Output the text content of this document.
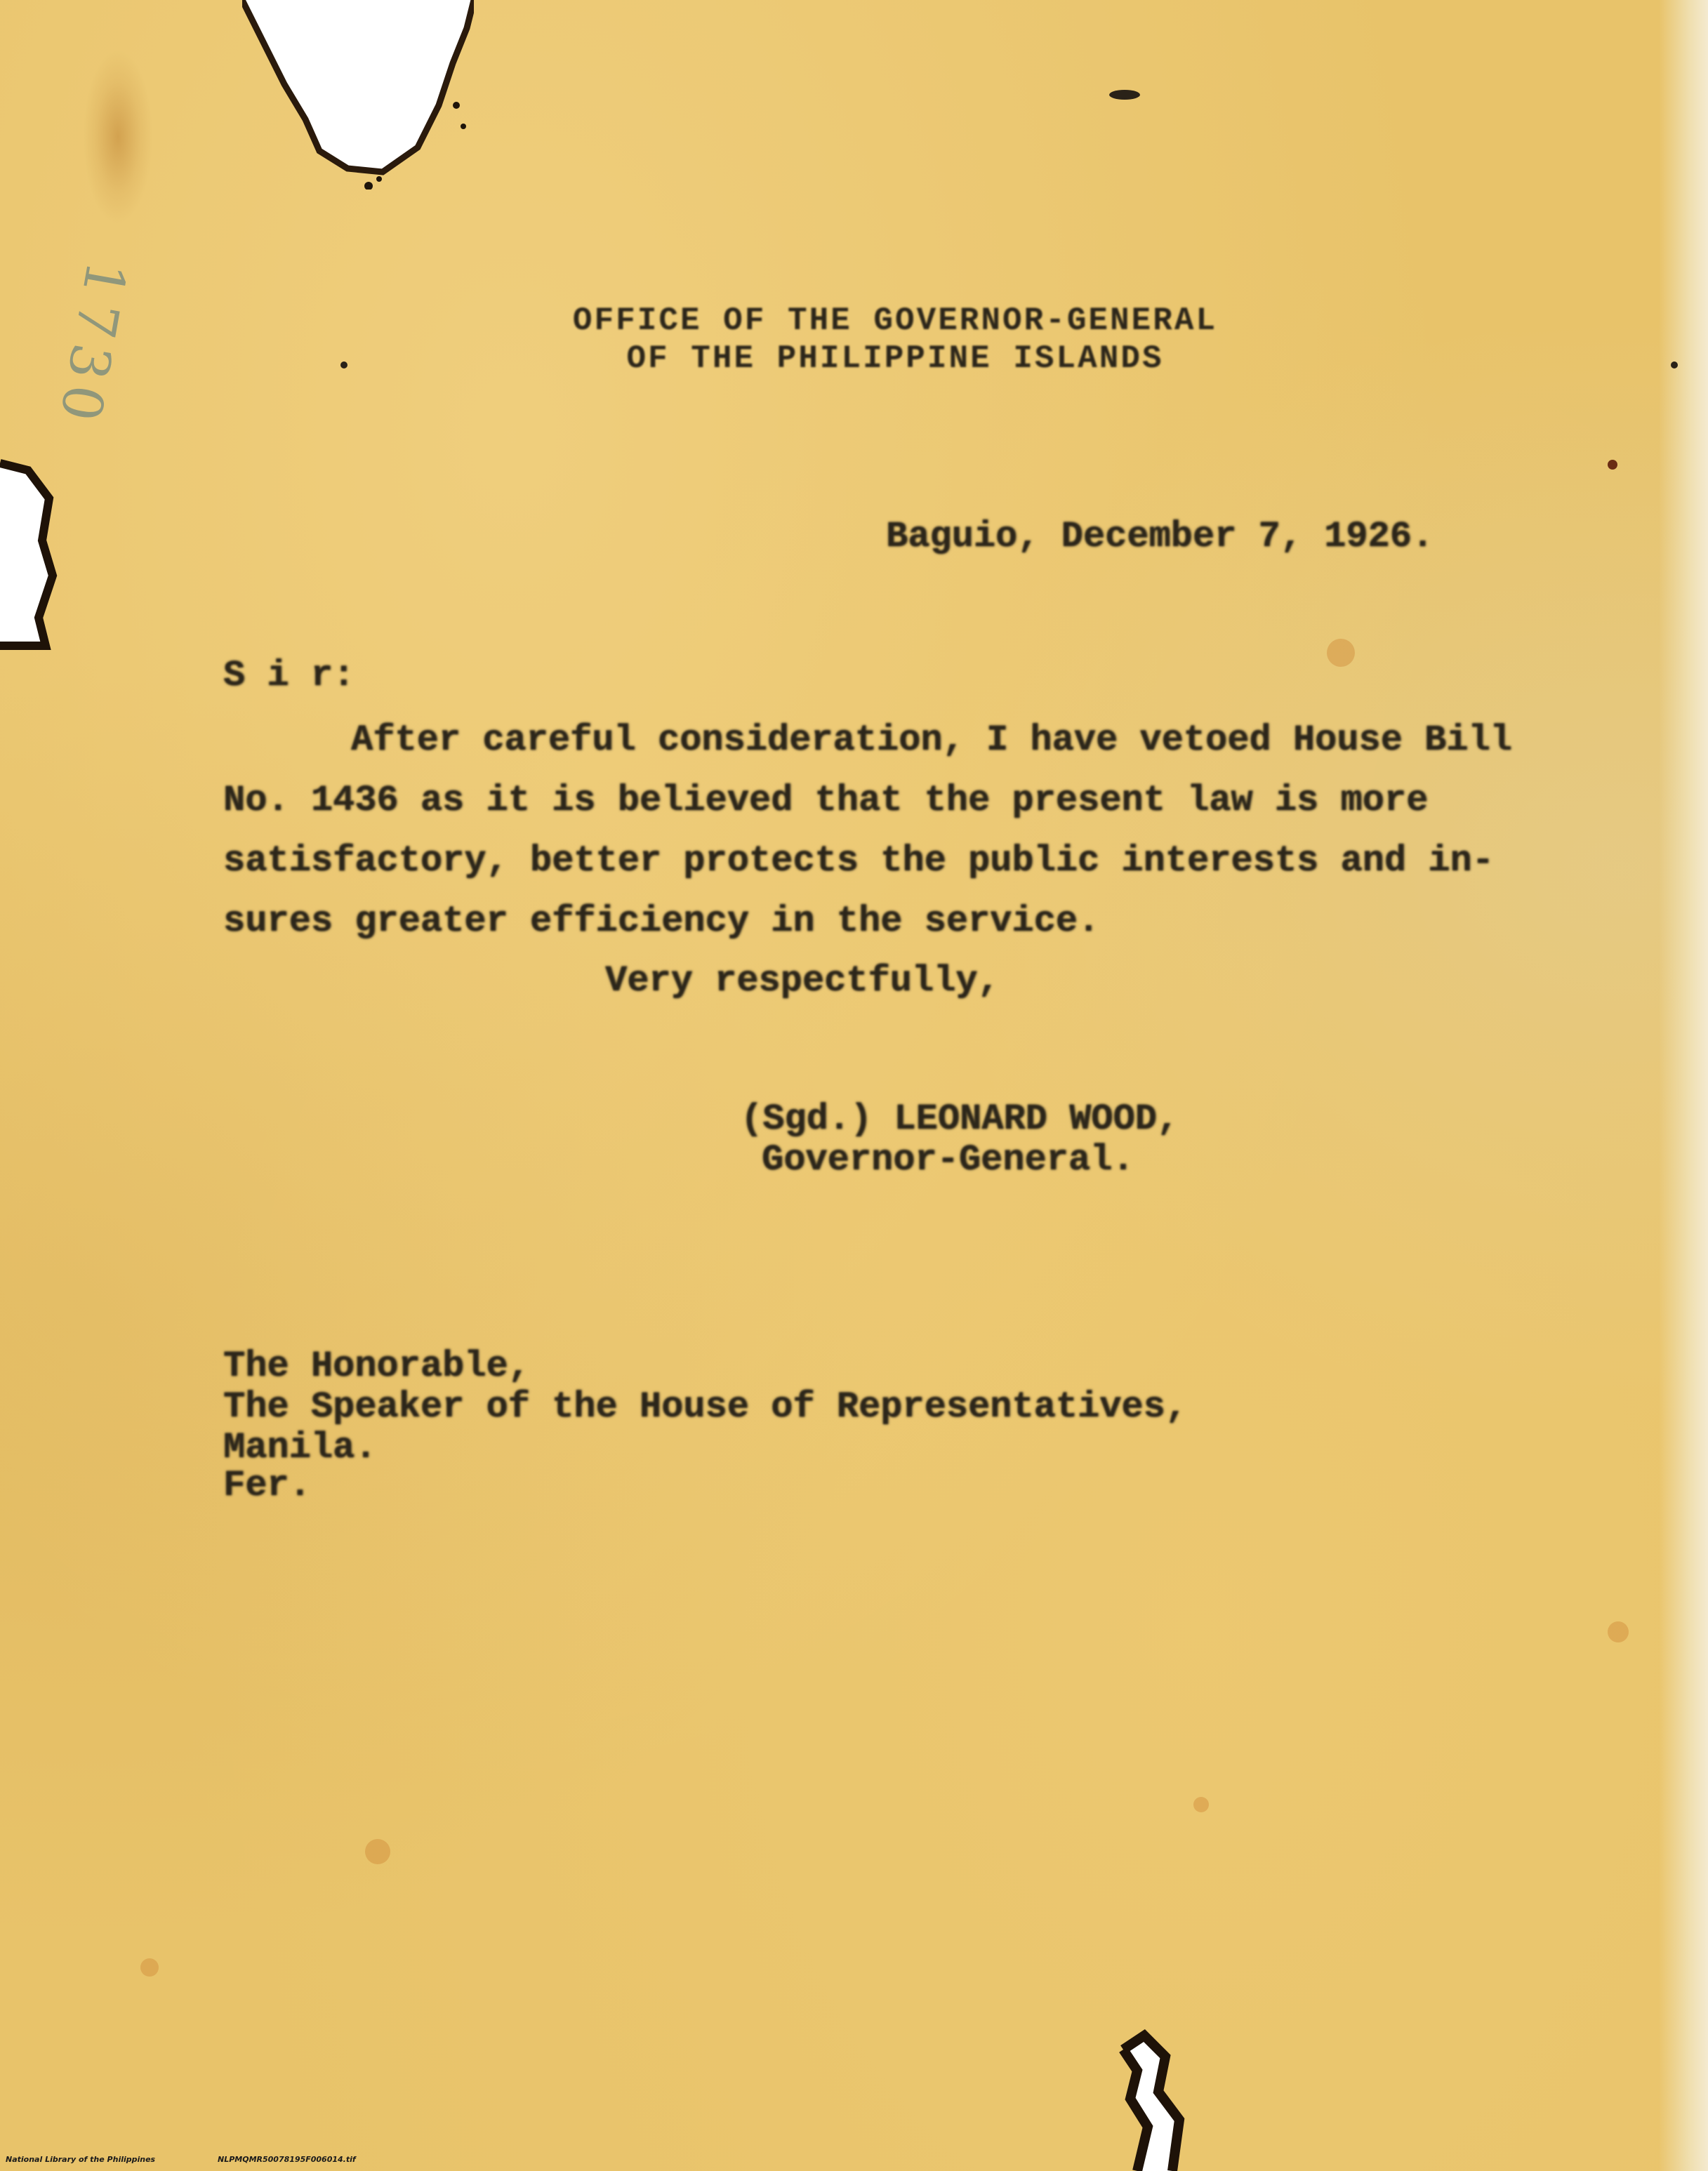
1730	OFFICE OF THE GOVERNOR-GENERAL
OF THE PHILIPPINE ISLANDS
Baguio, December 7, 1926.
S i r:
After careful consideration, I have vetoed House Bill
No. 1436 as it is believed that the present law is more
satisfactory, better protects the public interests and in-
sures greater efficiency in the service.
Very respectfully,
(Sgd.) LEONARD WOOD,
Governor-General.
The Honorable,
The Speaker of the House of Representatives,
Manila.
Fer.
National Library of the Philippines	NLPMQMR50078195F006014.tif
